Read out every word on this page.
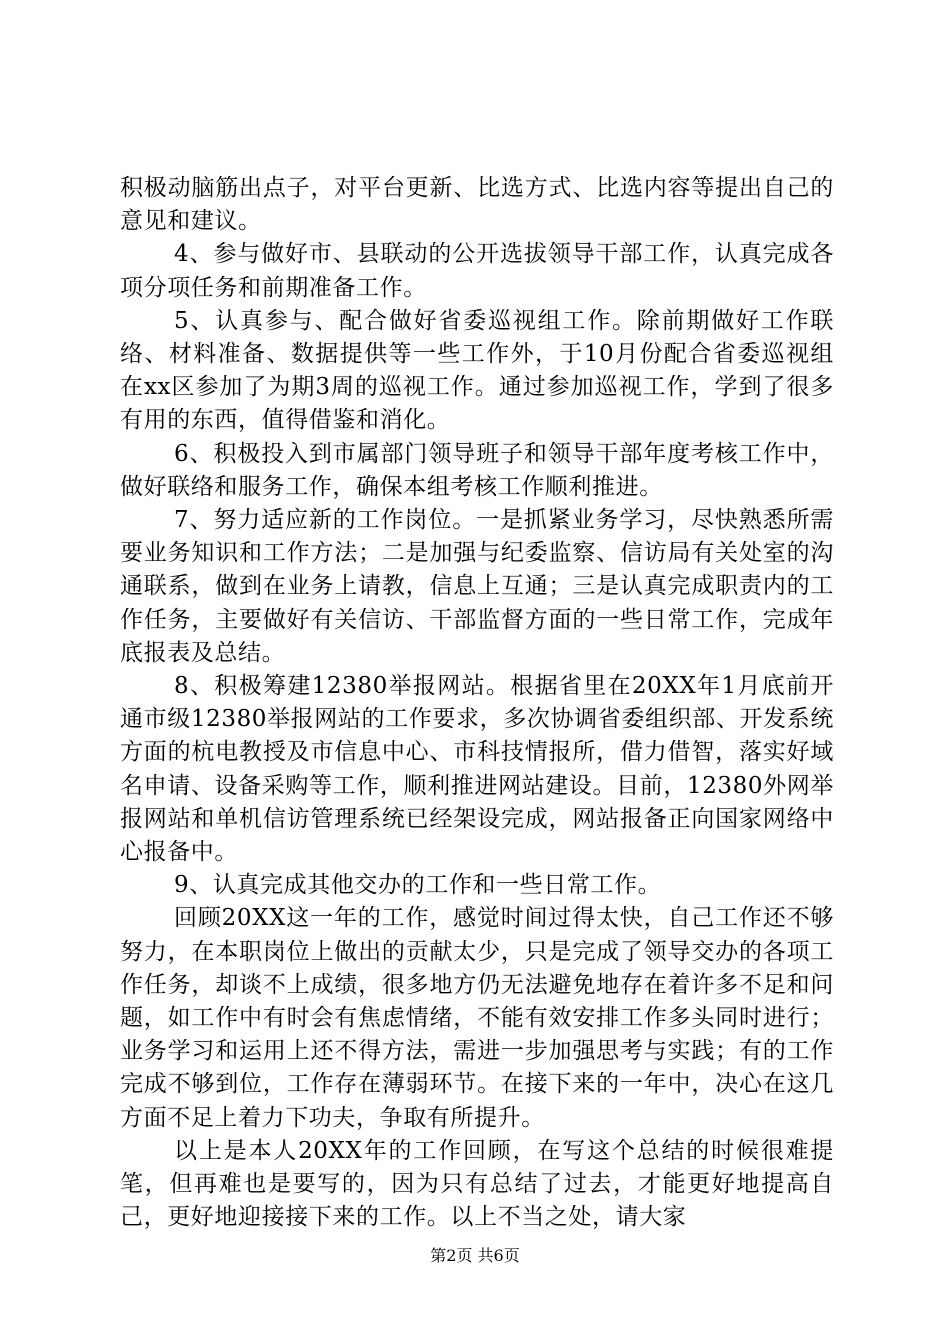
积极动脑筋出点子，对平台更新、比选方式、比选内容等提出自己的意见和建议。

4、参与做好市、县联动的公开选拔领导干部工作，认真完成各项分项任务和前期准备工作。

5、认真参与、配合做好省委巡视组工作。除前期做好工作联络、材料准备、数据提供等一些工作外，于10月份配合省委巡视组在xx区参加了为期3周的巡视工作。通过参加巡视工作，学到了很多有用的东西，值得借鉴和消化。

6、积极投入到市属部门领导班子和领导干部年度考核工作中，做好联络和服务工作，确保本组考核工作顺利推进。

7、努力适应新的工作岗位。一是抓紧业务学习，尽快熟悉所需要业务知识和工作方法；二是加强与纪委监察、信访局有关处室的沟通联系，做到在业务上请教，信息上互通；三是认真完成职责内的工作任务，主要做好有关信访、干部监督方面的一些日常工作，完成年底报表及总结。

8、积极筹建12380举报网站。根据省里在20XX年1月底前开通市级12380举报网站的工作要求，多次协调省委组织部、开发系统方面的杭电教授及市信息中心、市科技情报所，借力借智，落实好域名申请、设备采购等工作，顺利推进网站建设。目前，12380外网举报网站和单机信访管理系统已经架设完成，网站报备正向国家网络中心报备中。

9、认真完成其他交办的工作和一些日常工作。

回顾20XX这一年的工作，感觉时间过得太快，自己工作还不够努力，在本职岗位上做出的贡献太少，只是完成了领导交办的各项工作任务，却谈不上成绩，很多地方仍无法避免地存在着许多不足和问题，如工作中有时会有焦虑情绪，不能有效安排工作多头同时进行；业务学习和运用上还不得方法，需进一步加强思考与实践；有的工作完成不够到位，工作存在薄弱环节。在接下来的一年中，决心在这几方面不足上着力下功夫，争取有所提升。

以上是本人20XX年的工作回顾，在写这个总结的时候很难提笔，但再难也是要写的，因为只有总结了过去，才能更好地提高自己，更好地迎接接下来的工作。以上不当之处，请大家

第2页 共6页
